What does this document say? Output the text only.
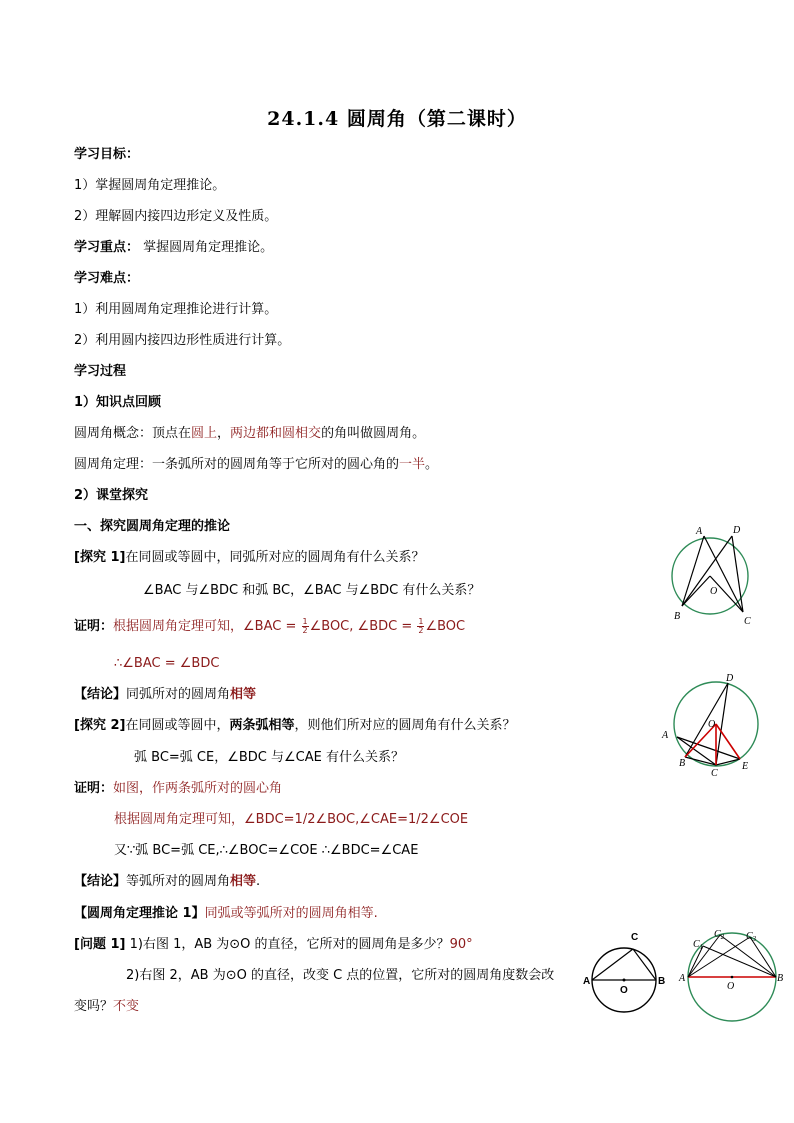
24.1.4 圆周角（第二课时）
学习目标：
1）掌握圆周角定理推论。
2）理解圆内接四边形定义及性质。
学习重点： 掌握圆周角定理推论。
学习难点：
1）利用圆周角定理推论进行计算。
2）利用圆内接四边形性质进行计算。
学习过程
1）知识点回顾
圆周角概念：顶点在圆上，两边都和圆相交的角叫做圆周角。
圆周角定理：一条弧所对的圆周角等于它所对的圆心角的一半。
2）课堂探究
一、探究圆周角定理的推论
[探究 1]在同圆或等圆中，同弧所对应的圆周角有什么关系？
∠BAC 与∠BDC 和弧 BC，∠BAC 与∠BDC 有什么关系？
证明：根据圆周角定理可知，∠BAC = $\frac{1}{2}$ ∠BOC, ∠BDC = $\frac{1}{2}$ ∠BOC
∴∠BAC = ∠BDC
【结论】同弧所对的圆周角相等
[探究 2]在同圆或等圆中，两条弧相等，则他们所对应的圆周角有什么关系？
弧 BC=弧 CE，∠BDC 与∠CAE 有什么关系？
证明：如图，作两条弧所对的圆心角
根据圆周角定理可知，∠BDC=1/2∠BOC,∠CAE=1/2∠COE
又∵弧 BC=弧 CE,∴∠BOC=∠COE ∴∠BDC=∠CAE
【结论】等弧所对的圆周角相等.
【圆周角定理推论 1】同弧或等弧所对的圆周角相等.
[问题 1] 1)右图 1，AB 为⊙O 的直径，它所对的圆周角是多少？90°
2)右图 2，AB 为⊙O 的直径，改变 C 点的位置，它所对的圆周角度数会改
变吗？不变
A	D
O
B	C
D
O
A
B
C
E
C
A
O
B
$C_1$
$C_2$ $C_3$
A
O
B
